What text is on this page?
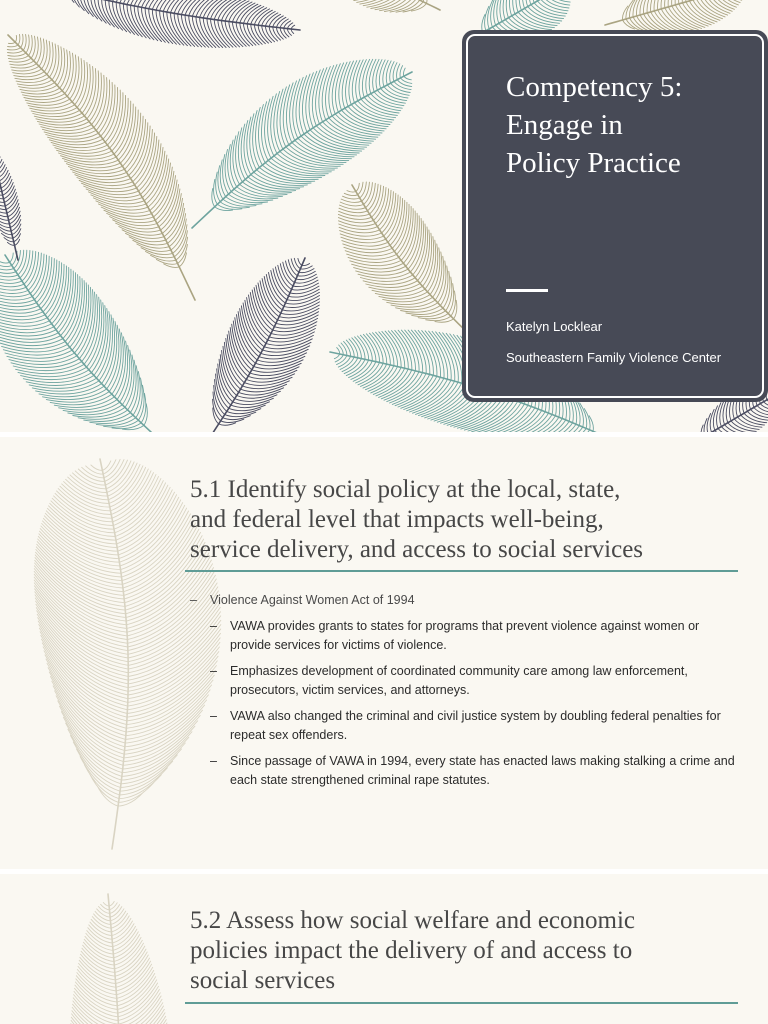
Competency 5:
Engage in
Policy Practice
Katelyn Locklear
Southeastern Family Violence Center
5.1 Identify social policy at the local, state,
and federal level that impacts well-being,
service delivery, and access to social services
–	Violence Against Women Act of 1994
–	VAWA provides grants to states for programs that prevent violence against women or provide services for victims of violence.
–	Emphasizes development of coordinated community care among law enforcement, prosecutors, victim services, and attorneys.
–	VAWA also changed the criminal and civil justice system by doubling federal penalties for repeat sex offenders.
–	Since passage of VAWA in 1994, every state has enacted laws making stalking a crime and each state strengthened criminal rape statutes.
5.2 Assess how social welfare and economic
policies impact the delivery of and access to
social services
